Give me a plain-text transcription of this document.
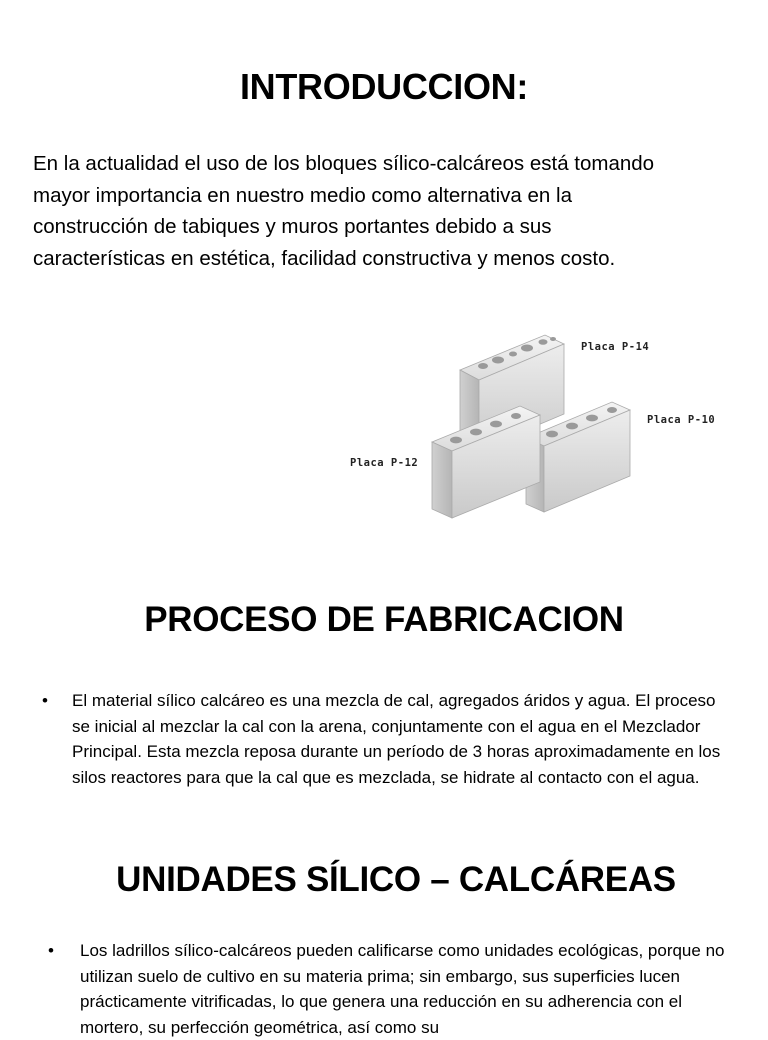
INTRODUCCION:

En la actualidad el uso de los bloques sílico-calcáreos está tomando mayor importancia en nuestro medio como alternativa en la construcción de tabiques y muros portantes debido a sus características en estética, facilidad constructiva y menos costo.

Placa P-14
Placa P-10
Placa P-12
PROCESO DE FABRICACION
• El material sílico calcáreo es una mezcla de cal, agregados áridos y agua. El proceso se inicial al mezclar la cal con la arena, conjuntamente con el agua en el Mezclador Principal. Esta mezcla reposa durante un período de 3 horas aproximadamente en los silos reactores para que la cal que es mezclada, se hidrate al contacto con el agua.

UNIDADES SÍLICO – CALCÁREAS
• Los ladrillos sílico-calcáreos pueden calificarse como unidades ecológicas, porque no utilizan suelo de cultivo en su materia prima; sin embargo, sus superficies lucen prácticamente vitrificadas, lo que genera una reducción en su adherencia con el mortero, su perfección geométrica, así como su
